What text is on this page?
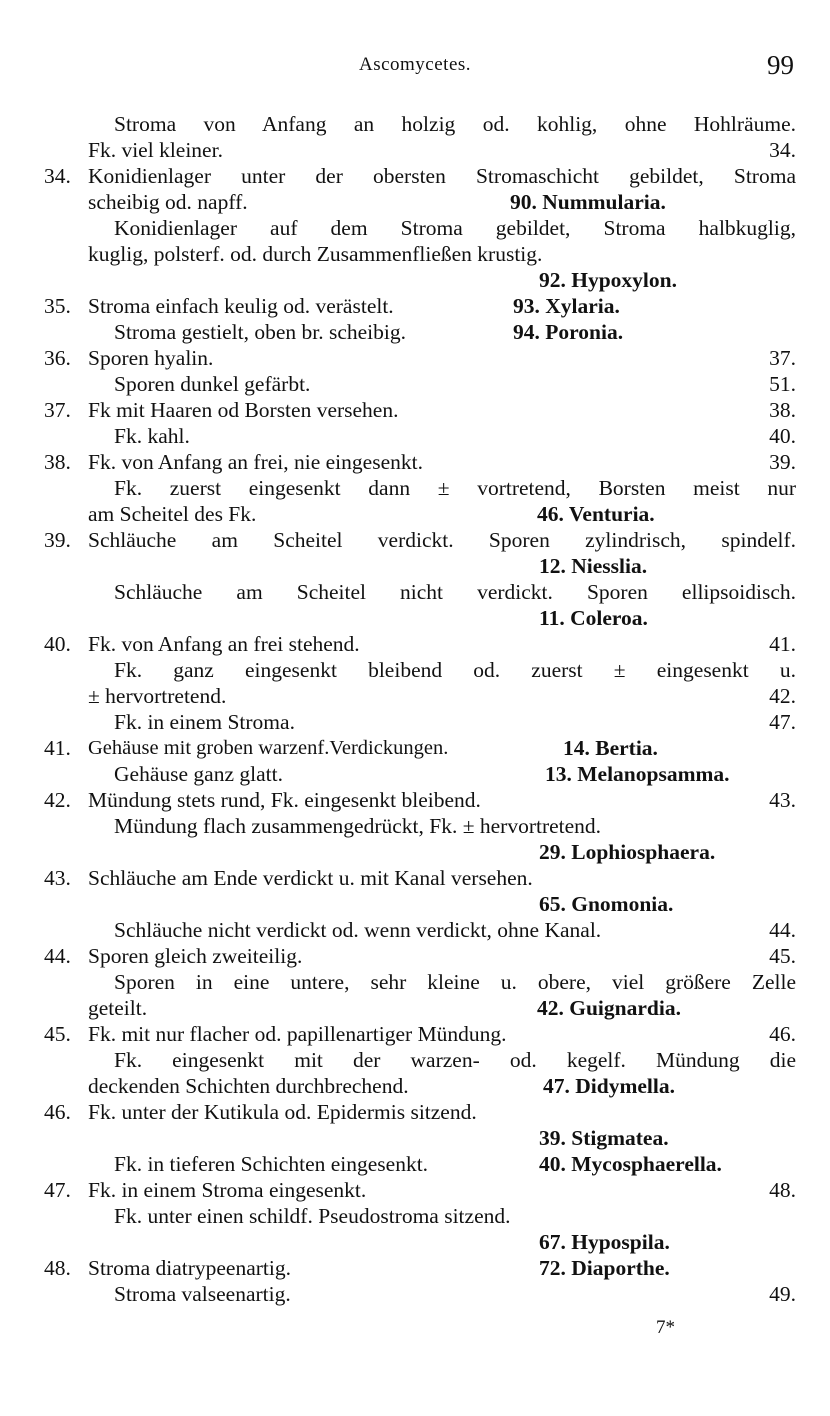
Ascomycetes.	99
Stroma von Anfang an holzig od. kohlig, ohne Hohlräume.
Fk. viel kleiner.	34.
34. Konidienlager unter der obersten Stromaschicht gebildet, Stroma
scheibig od. napff.	90. Nummularia.
Konidienlager auf dem Stroma gebildet, Stroma halbkuglig,
kuglig, polsterf. od. durch Zusammenfließen krustig.
92. Hypoxylon.
35. Stroma einfach keulig od. verästelt.	93. Xylaria.
Stroma gestielt, oben br. scheibig.	94. Poronia.
36. Sporen hyalin.	37.
Sporen dunkel gefärbt.	51.
37. Fk mit Haaren od Borsten versehen.	38.
Fk. kahl.	40.
38. Fk. von Anfang an frei, nie eingesenkt.	39.
Fk. zuerst eingesenkt dann ± vortretend, Borsten meist nur
am Scheitel des Fk.	46. Venturia.
39. Schläuche am Scheitel verdickt. Sporen zylindrisch, spindelf.
12. Niesslia.
Schläuche am Scheitel nicht verdickt. Sporen ellipsoidisch.
11. Coleroa.
40. Fk. von Anfang an frei stehend.	41.
Fk. ganz eingesenkt bleibend od. zuerst ± eingesenkt u.
± hervortretend.	42.
Fk. in einem Stroma.	47.
41. Gehäuse mit groben warzenf.Verdickungen.	14. Bertia.
Gehäuse ganz glatt.	13. Melanopsamma.
42. Mündung stets rund, Fk. eingesenkt bleibend.	43.
Mündung flach zusammengedrückt, Fk. ± hervortretend.
29. Lophiosphaera.
43. Schläuche am Ende verdickt u. mit Kanal versehen.
65. Gnomonia.
Schläuche nicht verdickt od. wenn verdickt, ohne Kanal.	44.
44. Sporen gleich zweiteilig.	45.
Sporen in eine untere, sehr kleine u. obere, viel größere Zelle
geteilt.	42. Guignardia.
45. Fk. mit nur flacher od. papillenartiger Mündung.	46.
Fk. eingesenkt mit der warzen- od. kegelf. Mündung die
deckenden Schichten durchbrechend.	47. Didymella.
46. Fk. unter der Kutikula od. Epidermis sitzend.
39. Stigmatea.
Fk. in tieferen Schichten eingesenkt.	40. Mycosphaerella.
47. Fk. in einem Stroma eingesenkt.	48.
Fk. unter einen schildf. Pseudostroma sitzend.
67. Hypospila.
48. Stroma diatrypeenartig.	72. Diaporthe.
Stroma valseenartig.	49.
7*
